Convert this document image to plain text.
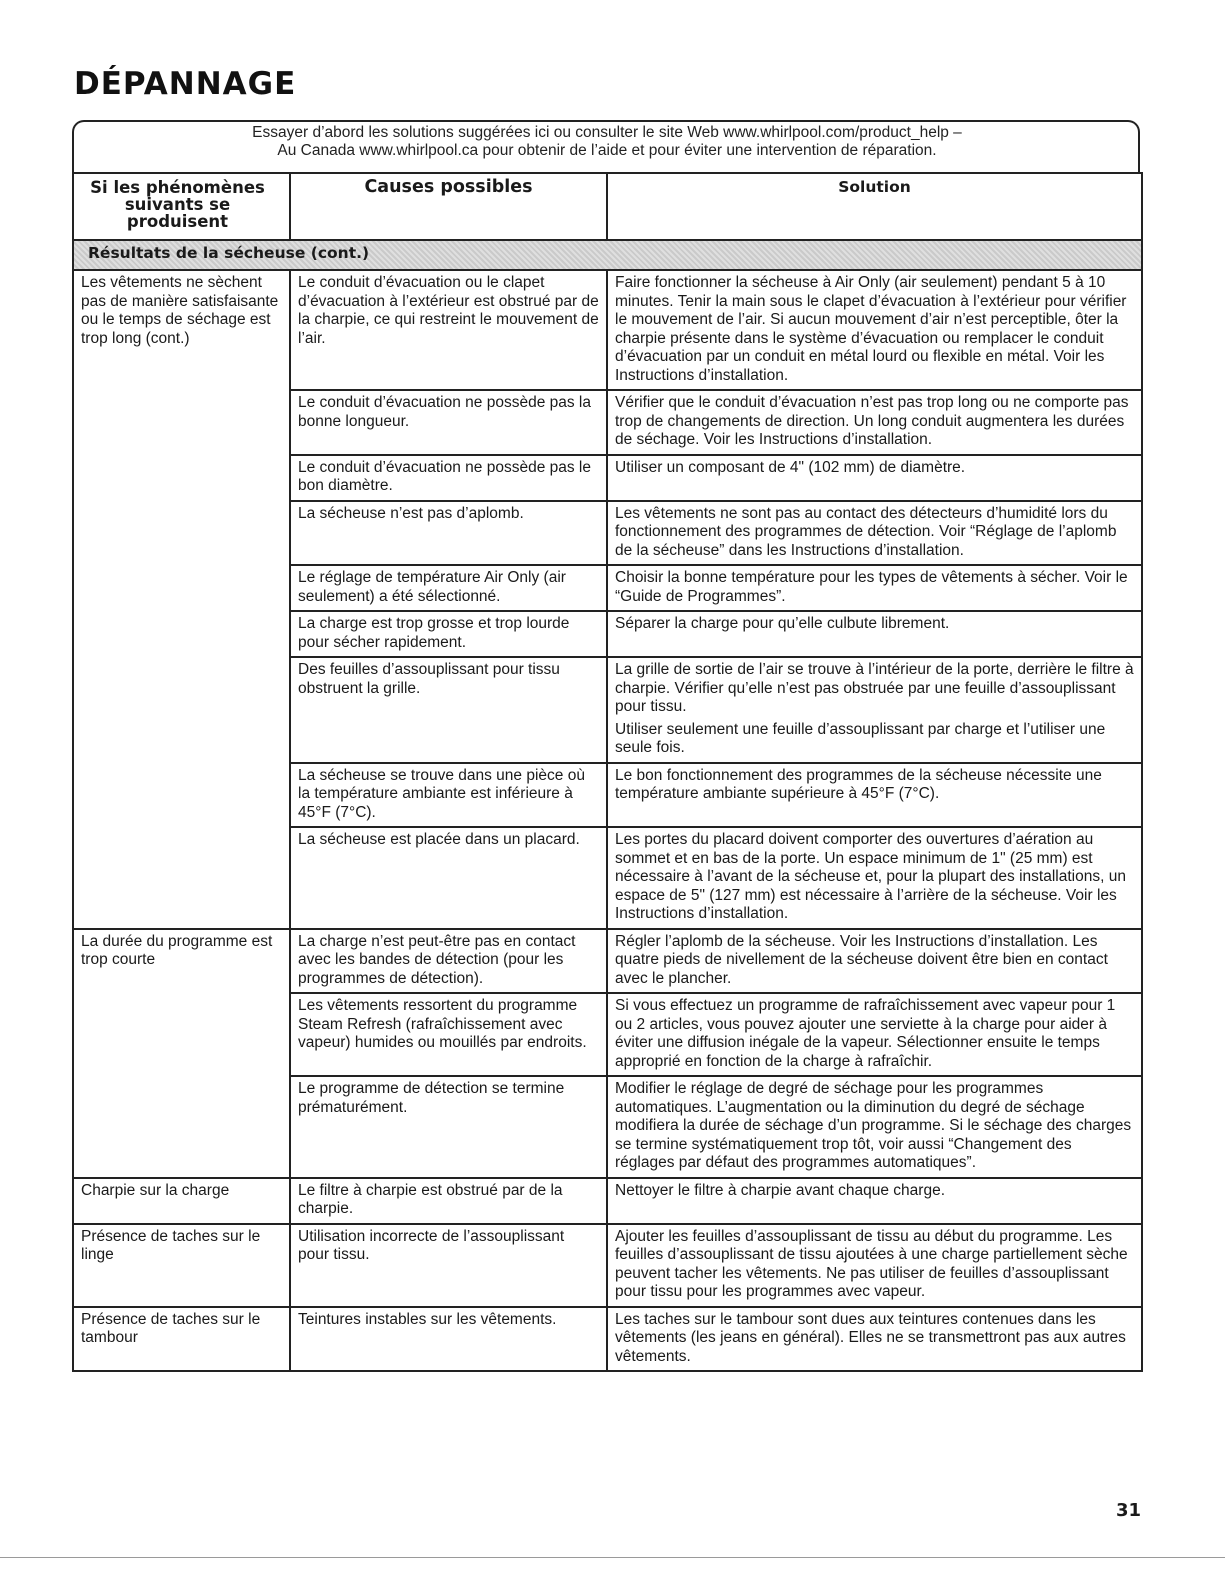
DÉPANNAGE
Essayer d’abord les solutions suggérées ici ou consulter le site Web www.whirlpool.com/product_help –
Au Canada www.whirlpool.ca pour obtenir de l’aide et pour éviter une intervention de réparation.
Si les phénomènes suivants se produisent	Causes possibles	Solution
Résultats de la sécheuse (cont.)		
Les vêtements ne sèchent pas de manière satisfaisante ou le temps de séchage est trop long (cont.)	Le conduit d’évacuation ou le clapet d’évacuation à l’extérieur est obstrué par de la charpie, ce qui restreint le mouvement de l’air.	Faire fonctionner la sécheuse à Air Only (air seulement) pendant 5 à 10 minutes. Tenir la main sous le clapet d’évacuation à l’extérieur pour vérifier le mouvement de l’air. Si aucun mouvement d’air n’est perceptible, ôter la charpie présente dans le système d’évacuation ou remplacer le conduit d’évacuation par un conduit en métal lourd ou flexible en métal. Voir les Instructions d’installation.

	Le conduit d’évacuation ne possède pas la bonne longueur.	Vérifier que le conduit d’évacuation n’est pas trop long ou ne comporte pas trop de changements de direction. Un long conduit augmentera les durées de séchage. Voir les Instructions d’installation.

	Le conduit d’évacuation ne possède pas le bon diamètre.	Utiliser un composant de 4" (102 mm) de diamètre.

	La sécheuse n’est pas d’aplomb.	Les vêtements ne sont pas au contact des détecteurs d’humidité lors du fonctionnement des programmes de détection. Voir “Réglage de l’aplomb de la sécheuse” dans les Instructions d’installation.

	Le réglage de température Air Only (air seulement) a été sélectionné.	Choisir la bonne température pour les types de vêtements à sécher. Voir le “Guide de Programmes”.

	La charge est trop grosse et trop lourde pour sécher rapidement.	Séparer la charge pour qu’elle culbute librement.

	Des feuilles d’assouplissant pour tissu obstruent la grille.	La grille de sortie de l’air se trouve à l’intérieur de la porte, derrière le filtre à charpie. Vérifier qu’elle n’est pas obstruée par une feuille d’assouplissant pour tissu.
Utiliser seulement une feuille d’assouplissant par charge et l’utiliser une seule fois.

	La sécheuse se trouve dans une pièce où la température ambiante est inférieure à 45°F (7°C).	Le bon fonctionnement des programmes de la sécheuse nécessite une température ambiante supérieure à 45°F (7°C).

	La sécheuse est placée dans un placard.	Les portes du placard doivent comporter des ouvertures d’aération au sommet et en bas de la porte. Un espace minimum de 1" (25 mm) est nécessaire à l’avant de la sécheuse et, pour la plupart des installations, un espace de 5" (127 mm) est nécessaire à l’arrière de la sécheuse. Voir les Instructions d’installation.

La durée du programme est trop courte	La charge n’est peut-être pas en contact avec les bandes de détection (pour les programmes de détection).	Régler l’aplomb de la sécheuse. Voir les Instructions d’installation. Les quatre pieds de nivellement de la sécheuse doivent être bien en contact avec le plancher.

	Les vêtements ressortent du programme Steam Refresh (rafraîchissement avec vapeur) humides ou mouillés par endroits.	Si vous effectuez un programme de rafraîchissement avec vapeur pour 1 ou 2 articles, vous pouvez ajouter une serviette à la charge pour aider à éviter une diffusion inégale de la vapeur. Sélectionner ensuite le temps approprié en fonction de la charge à rafraîchir.

	Le programme de détection se termine prématurément.	Modifier le réglage de degré de séchage pour les programmes automatiques. L’augmentation ou la diminution du degré de séchage modifiera la durée de séchage d’un programme. Si le séchage des charges se termine systématiquement trop tôt, voir aussi “Changement des réglages par défaut des programmes automatiques”.

Charpie sur la charge	Le filtre à charpie est obstrué par de la charpie.	Nettoyer le filtre à charpie avant chaque charge.

Présence de taches sur le linge	Utilisation incorrecte de l’assouplissant pour tissu.	Ajouter les feuilles d’assouplissant de tissu au début du programme. Les feuilles d’assouplissant de tissu ajoutées à une charge partiellement sèche peuvent tacher les vêtements. Ne pas utiliser de feuilles d’assouplissant pour tissu pour les programmes avec vapeur.

Présence de taches sur le tambour	Teintures instables sur les vêtements.	Les taches sur le tambour sont dues aux teintures contenues dans les vêtements (les jeans en général). Elles ne se transmettront pas aux autres vêtements.
31
